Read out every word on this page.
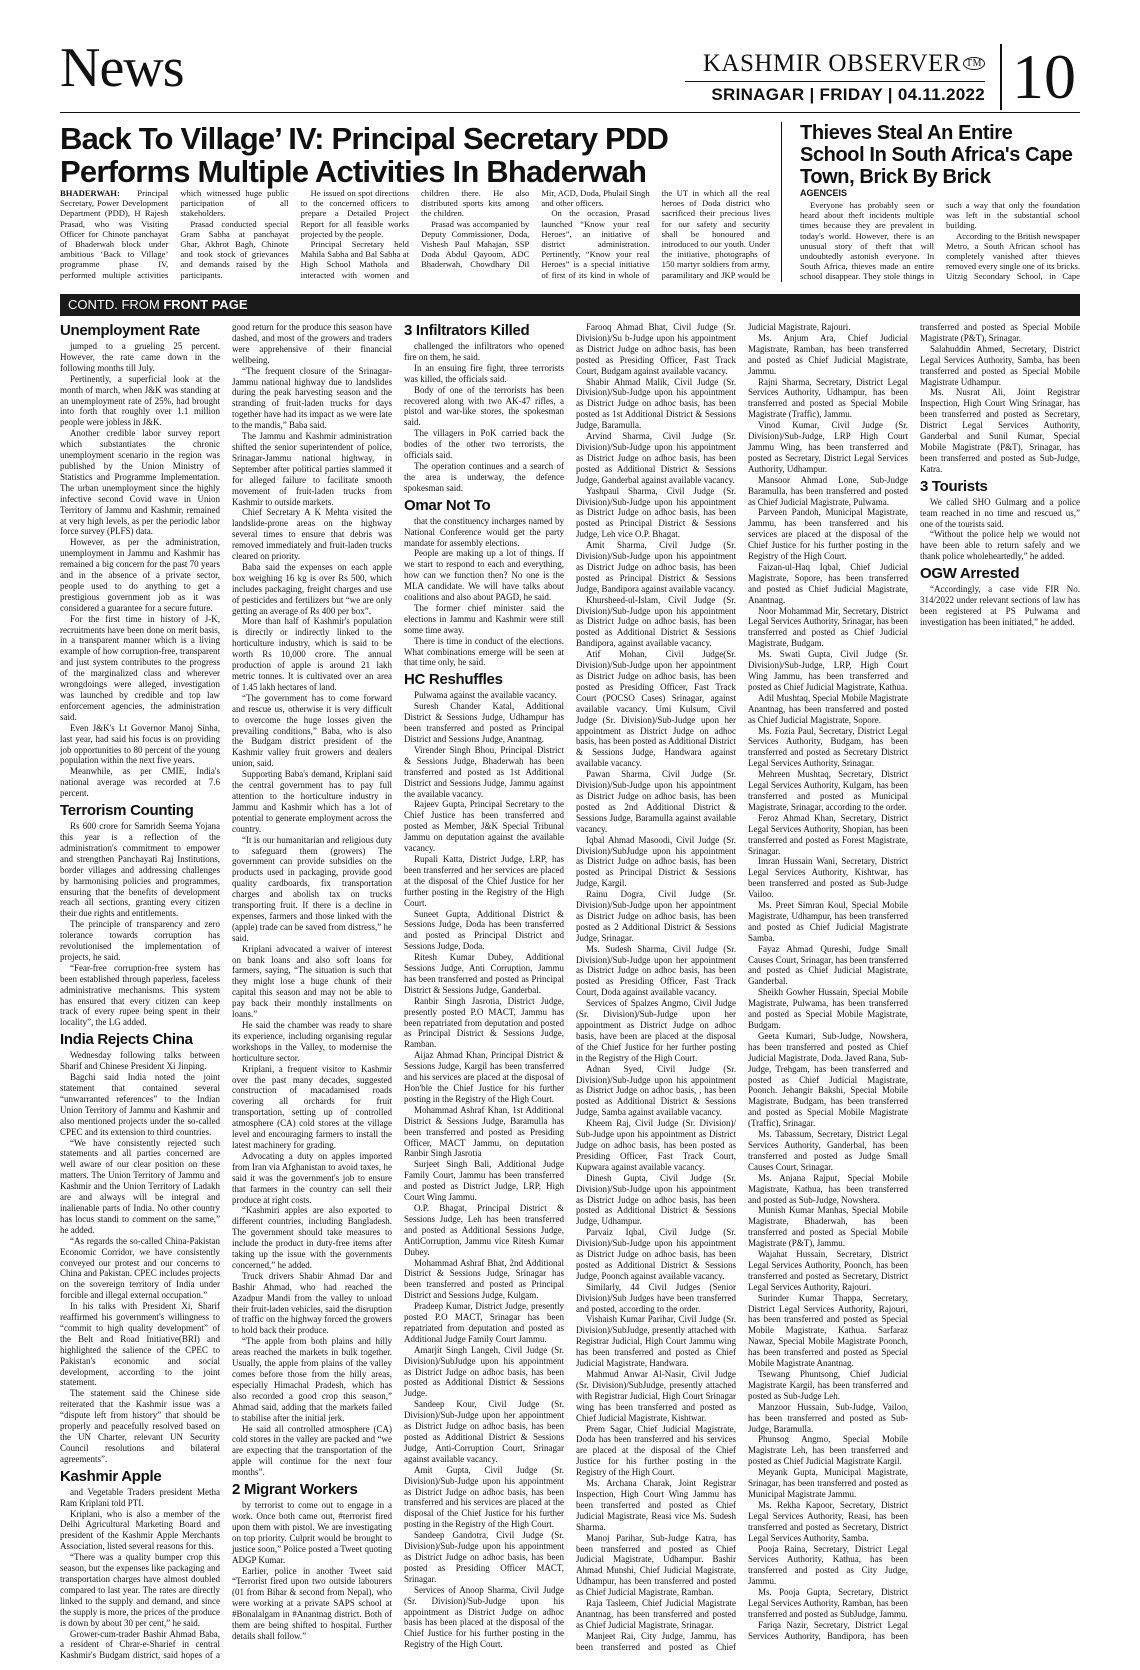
News	KASHMIR OBSERVER ™
SRINAGAR | FRIDAY | 04.11.2022 10
Back To Village’ IV: Principal Secretary PDD Performs Multiple Activities In Bhaderwah
Thieves Steal An Entire School In South Africa's Cape Town, Brick By Brick

BHADERWAH: Principal Secretary, Power Development Department (PDD), H Rajesh Prasad, who was Visiting Officer for Chinote panchayat of Bhaderwah block under ambitious ‘Back to Village’ programme phase IV, performed multiple activities which witnessed huge public participation of all stakeholders.

Prasad conducted special Gram Sabha at panchayat Ghar, Akhrot Bagh, Chinote and took stock of grievances and demands raised by the participants.

He issued on spot directions to the concerned officers to prepare a Detailed Project Report for all feasible works projected by the people.

Principal Secretary held Mahila Sabha and Bal Sabha at High School Mathola and interacted with women and children there. He also distributed sports kits among the children.

Prasad was accompanied by Deputy Commissioner, Doda, Vishesh Paul Mahajan, SSP Doda Abdul Qayoom, ADC Bhaderwah, Chowdhary Dil Mir, ACD, Doda, Phulail Singh and other officers.

On the occasion, Prasad launched “Know your real Heroes”, an initiative of district administration. Pertinently, “Know your real Heroes” is a special initiative of first of its kind in whole of the UT in which all the real heroes of Doda district who sacrificed their precious lives for our safety and security shall be honoured and introduced to our youth. Under the initiative, photographs of 150 martyr soldiers from army, paramilitary and JKP would be

AGENCEIS

Everyone has probably seen or heard about theft incidents multiple times because they are prevalent in today's world. However, there is an unusual story of theft that will undoubtedly astonish everyone. In South Africa, thieves made an entire school disappear. They stole things in such a way that only the foundation was left in the substantial school building.

According to the British newspaper Metro, a South African school has completely vanished after thieves removed every single one of its bricks. Uitzig Secondary School, in Cape

CONTD. FROM FRONT PAGE
Unemployment Rate

jumped to a grueling 25 percent. However, the rate came down in the following months till July.

Pertinently, a superficial look at the month of march, when J&K was standing at an unemployment rate of 25%, had brought into forth that roughly over 1.1 million people were jobless in J&K.

Another credible labor survey report which substantiates the chronic unemployment scenario in the region was published by the Union Ministry of Statistics and Programme Implementation. The urban unemployment since the highly infective second Covid wave in Union Territory of Jammu and Kashmir, remained at very high levels, as per the periodic labor force survey (PLFS) data.

However, as per the administration, unemployment in Jammu and Kashmir has remained a big concern for the past 70 years and in the absence of a private sector, people used to do anything to get a prestigious government job as it was considered a guarantee for a secure future.

For the first time in history of J-K, recruitments have been done on merit basis, in a transparent manner which is a living example of how corruption-free, transparent and just system contributes to the progress of the marginalized class and wherever wrongdoings were alleged, investigation was launched by credible and top law enforcement agencies, the administration said.

Even J&K's Lt Governor Manoj Sinha, last year, had said his focus is on providing job opportunities to 80 percent of the young population within the next five years.

Meanwhile, as per CMIE, India's national average was recorded at 7.6 percent.

Terrorism Counting

Rs 600 crore for Samridh Seema Yojana this year is a reflection of the administration's commitment to empower and strengthen Panchayati Raj Institutions, border villages and addressing challenges by harmonising policies and programmes, ensuring that the benefits of development reach all sections, granting every citizen their due rights and entitlements.

The principle of transparency and zero tolerance towards corruption has revolutionised the implementation of projects, he said.

“Fear-free corruption-free system has been established through paperless, faceless administrative mechanisms. This system has ensured that every citizen can keep track of every rupee being spent in their locality”, the LG added.

India Rejects China

Wednesday following talks between Sharif and Chinese President Xi Jinping.

Bagchi said India noted the joint statement that contained several “unwarranted references” to the Indian Union Territory of Jammu and Kashmir and also mentioned projects under the so-called CPEC and its extension to third countries.

“We have consistently rejected such statements and all parties concerned are well aware of our clear position on these matters. The Union Territory of Jammu and Kashmir and the Union Territory of Ladakh are and always will be integral and inalienable parts of India. No other country has locus standi to comment on the same,” he added.

“As regards the so-called China-Pakistan Economic Corridor, we have consistently conveyed our protest and our concerns to China and Pakistan. CPEC includes projects on the sovereign territory of India under forcible and illegal external occupation.”

In his talks with President Xi, Sharif reaffirmed his government's willingness to “commit to high quality development” of the Belt and Road Initiative(BRI) and highlighted the salience of the CPEC to Pakistan's economic and social development, according to the joint statement.

The statement said the Chinese side reiterated that the Kashmir issue was a “dispute left from history” that should be properly and peacefully resolved based on the UN Charter, relevant UN Security Council resolutions and bilateral agreements”.

Kashmir Apple

and Vegetable Traders president Metha Ram Kriplani told PTI.

Kriplani, who is also a member of the Delhi Agricultural Marketing Board and president of the Kashmir Apple Merchants Association, listed several reasons for this.

“There was a quality bumper crop this season, but the expenses like packaging and transportation charges have almost doubled compared to last year. The rates are directly linked to the supply and demand, and since the supply is more, the prices of the produce is down by about 30 per cent,” he said.

Grower-cum-trader Bashir Ahmad Baba, a resident of Chrar-e-Sharief in central Kashmir's Budgam district, said hopes of a good return for the produce this season have dashed, and most of the growers and traders were apprehensive of their financial wellbeing.

“The frequent closure of the Srinagar-Jammu national highway due to landslides during the peak harvesting season and the stranding of fruit-laden trucks for days together have had its impact as we were late to the mandis,” Baba said.

The Jammu and Kashmir administration shifted the senior superintendent of police, Srinagar-Jammu national highway, in September after political parties slammed it for alleged failure to facilitate smooth movement of fruit-laden trucks from Kashmir to outside markets.

Chief Secretary A K Mehta visited the landslide-prone areas on the highway several times to ensure that debris was removed immediately and fruit-laden trucks cleared on priority.

Baba said the expenses on each apple box weighing 16 kg is over Rs 500, which includes packaging, freight charges and use of pesticides and fertilizers but “we are only getting an average of Rs 400 per box”.

More than half of Kashmir's population is directly or indirectly linked to the horticulture industry, which is said to be worth Rs 10,000 crore. The annual production of apple is around 21 lakh metric tonnes. It is cultivated over an area of 1.45 lakh hectares of land.

“The government has to come forward and rescue us, otherwise it is very difficult to overcome the huge losses given the prevailing conditions,” Baba, who is also the Budgam district president of the Kashmir valley fruit growers and dealers union, said.

Supporting Baba's demand, Kriplani said the central government has to pay full attention to the horticulture industry in Jammu and Kashmir which has a lot of potential to generate employment across the country.

“It is our humanitarian and religious duty to safeguard them (growers) The government can provide subsidies on the products used in packaging, provide good quality cardboards, fix transportation charges and abolish tax on trucks transporting fruit. If there is a decline in expenses, farmers and those linked with the (apple) trade can be saved from distress,” he said.

Kriplani advocated a waiver of interest on bank loans and also soft loans for farmers, saying, “The situation is such that they might lose a huge chunk of their capital this season and may not be able to pay back their monthly installments on loans.”

He said the chamber was ready to share its experience, including organising regular workshops in the Valley, to modernise the horticulture sector.

Kriplani, a frequent visitor to Kashmir over the past many decades, suggested construction of macadamised roads covering all orchards for fruit transportation, setting up of controlled atmosphere (CA) cold stores at the village level and encouraging farmers to install the latest machinery for grading.

Advocating a duty on apples imported from Iran via Afghanistan to avoid taxes, he said it was the government's job to ensure that farmers in the country can sell their produce at right costs.

“Kashmiri apples are also exported to different countries, including Bangladesh. The government should take measures to include the product in duty-free items after taking up the issue with the governments concerned,” he added.

Truck drivers Shabir Ahmad Dar and Bashir Ahmad, who had reached the Azadpur Mandi from the valley to unload their fruit-laden vehicles, said the disruption of traffic on the highway forced the growers to hold back their produce.

“The apple from both plains and hilly areas reached the markets in bulk together. Usually, the apple from plains of the valley comes before those from the hilly areas, especially Himachal Pradesh, which has also recorded a good crop this season,” Ahmad said, adding that the markets failed to stabilise after the initial jerk.

He said all controlled atmosphere (CA) cold stores in the valley are packed and “we are expecting that the transportation of the apple will continue for the next four months”.

2 Migrant Workers

by terrorist to come out to engage in a work. Once both came out, #terrorist fired upon them with pistol. We are investigating on top priority. Culprit would be brought to justice soon,” Police posted a Tweet quoting ADGP Kumar.

Earlier, police in another Tweet said “Terrorist fired upon two outside labourers (01 from Bihar & second from Nepal), who were working at a private SAPS school at #Bonalalgam in #Anantnag district. Both of them are being shifted to hospital. Further details shall follow.”

3 Infiltrators Killed

challenged the infiltrators who opened fire on them, he said.

In an ensuing fire fight, three terrorists was killed, the officials said.

Body of one of the terrorists has been recovered along with two AK-47 rifles, a pistol and war-like stores, the spokesman said.

The villagers in PoK carried back the bodies of the other two terrorists, the officials said.

The operation continues and a search of the area is underway, the defence spokesman said.

Omar Not To

that the constituency incharges named by National Conference would get the party mandate for assembly elections.

People are making up a lot of things. If we start to respond to each and everything, how can we function then? No one is the MLA candidate. We will have talks about coalitions and also about PAGD, he said.

The former chief minister said the elections in Jammu and Kashmir were still some time away.

There is time in conduct of the elections. What combinations emerge will be seen at that time only, he said.

HC Reshuffles

Pulwama against the available vacancy.

Suresh Chander Katal, Additional District & Sessions Judge, Udhampur has been transferred and posted as Principal District and Sessions Judge, Anantnag.

Virender Singh Bhou, Principal District & Sessions Judge, Bhaderwah has been transferred and posted as 1st Additional District and Sessions Judge, Jammu against the available vacancy.

Rajeev Gupta, Principal Secretary to the Chief Justice has been transferred and posted as Member, J&K Special Tribunal Jammu on deputation against the available vacancy.

Rupali Katta, District Judge, LRP, has been transferred and her services are placed at the disposal of the Chief Justice for her further posting in the Registry of the High Court.

Suneet Gupta, Additional District & Sessions Judge, Doda has been transferred and posted as Principal District and Sessions Judge, Doda.

Ritesh Kumar Dubey, Additional Sessions Judge, Anti Corruption, Jammu has been transferred and posted as Principal District & Sessions Judge, Ganderbal.

Ranbir Singh Jasrotia, District Judge, presently posted P.O MACT, Jammu has been repatriated from deputation and posted as Principal District & Sessions Judge, Ramban.

Aijaz Ahmad Khan, Principal District & Sessions Judge, Kargil has been transferred and his services are placed at the disposal of Hon'ble the Chief Justice for his further posting in the Registry of the High Court.

Mohammad Ashraf Khan, 1st Additional District & Sessions Judge, Baramulla has been transferred and posted as Presiding Officer, MACT Jammu, on deputation Ranbir Singh Jasrotia

Surjeet Singh Bali, Additional Judge Family Court, Jammu has been transferred and posted as District Judge, LRP, High Court Wing Jammu.

O.P. Bhagat, Principal District & Sessions Judge, Leh has been transferred and posted as Additional Sessions Judge, AntiCorruption, Jammu vice Ritesh Kumar Dubey.

Mohammad Ashraf Bhat, 2nd Additional District & Sessions Judge, Srinagar has been transferred and posted as Principal District and Sessions Judge, Kulgam.

Pradeep Kumar, District Judge, presently posted P.O MACT, Srinagar has been repatriated from deputation and posted as Additional Judge Family Court Jammu.

Amarjit Singh Langeh, Civil Judge (Sr. Division)/SubJudge upon his appointment as District Judge on adhoc basis, has been posted as Additional District & Sessions Judge.

Sandeep Kour, Civil Judge (Sr. Division)/Sub-Judge upon her appointment as District Judge on adhoc basis, has been posted as Additional District & Sessions Judge, Anti-Corruption Court, Srinagar against available vacancy.

Amit Gupta, Civil Judge (Sr. Division)/Sub-Judge upon his appointment as District Judge on adhoc basis, has been transferred and his services are placed at the disposal of the Chief Justice for his further posting in the Registry of the High Court.

Sandeep Gandotra, Civil Judge (Sr. Division)/Sub-Judge upon his appointment as District Judge on adhoc basis, has been posted as Presiding Officer MACT, Srinagar.

Services of Anoop Sharma, Civil Judge (Sr. Division)/Sub-Judge upon his appointment as District Judge on adhoc basis has been placed at the disposal of the Chief Justice for his further posting in the Registry of the High Court.

Farooq Ahmad Bhat, Civil Judge (Sr. Division)/Su b-Judge upon his appointment as District Judge on adhoc basis, has been posted as Presiding Officer, Fast Track Court, Budgam against available vacancy.

Shabir Ahmad Malik, Civil Judge (Sr. Division)/Sub-Judge upon his appointment as District Judge on adhoc basis, has been posted as 1st Additional District & Sessions Judge, Baramulla.

Arvind Sharma, Civil Judge (Sr. Division)/Sub-Judge upon his appointment as District Judge on adhoc basis, has been posted as Additional District & Sessions Judge, Ganderbal against available vacancy.

Yashpaul Sharma, Civil Judge (Sr. Division)/Sub-Judge upon his appointment as District Judge on adhoc basis, has been posted as Principal District & Sessions Judge, Leh vice O.P. Bhagat.

Amit Sharma, Civil Judge (Sr. Division)/Sub-Judge upon his appointment as District Judge on adhoc basis, has been posted as Principal District & Sessions Judge, Bandipora against available vacancy.

Khursheed-ul-Islam, Civil Judge (Sr. Division)/Sub-Judge upon his appointment as District Judge on adhoc basis, has been posted as Additional District & Sessions Bandipora, against available vacancy.

Atif Mohan, Civil Judge(Sr. Division)/Sub-Judge upon her appointment as District Judge on adhoc basis, has been posted as Presiding Officer, Fast Track Court (POCSO Cases) Srinagar, against available vacancy. Umi Kulsum, Civil Judge (Sr. Division)/Sub-Judge upon her appointment as District Judge on adhoc basis, has been posted as Additional District & Sessions Judge, Handwara against available vacancy.

Pawan Sharma, Civil Judge (Sr. Division)/Sub-Judge upon his appointment as District Judge on adhoc basis, has been posted as 2nd Additional District & Sessions Judge, Baramulla against available vacancy.

Iqbal Ahmad Masoodi, Civil Judge (Sr. Division)/SubJudge upon his appointment as District Judge on adhoc basis, has been posted as Principal District & Sessions Judge, Kargil.

Rainu Dogra, Civil Judge (Sr. Division)/Sub-Judge upon her appointment as District Judge on adhoc basis, has been posted as 2 Additional District & Sessions Judge, Srinagar.

Ms. Sudesh Sharma, Civil Judge (Sr. Division)/Sub-Judge upon her appointment as District Judge on adhoc basis, has been posted as Presiding Officer, Fast Track Court, Doda against available vacancy.

Services of Spalzes Angmo, Civil Judge (Sr. Division)/Sub-Judge upon her appointment as District Judge on adhoc basis, have been are placed at the disposal of the Chief Justice for her further posting in the Registry of the High Court.

Adnan Syed, Civil Judge (Sr. Division)/Sub-Judge upon his appointment as District Judge on adhoc basis, , has been posted as Additional District & Sessions Judge, Samba against available vacancy.

Kheem Raj, Civil Judge (Sr. Division)/ Sub-Judge upon his appointment as District Judge on adhoc basis, has been posted as Presiding Officer, Fast Track Court, Kupwara against available vacancy.

Dinesh Gupta, Civil Judge (Sr. Division)/Sub-Judge upon his appointment as District Judge on adhoc basis, has been posted as Additional District & Sessions Judge, Udhampur.

Parvaiz Iqbal, Civil Judge (Sr. Division)/Sub-Judge upon his appointment as District Judge on adhoc basis, has been posted as Additional District & Sessions Judge, Poonch against available vacancy.

Similarly, 44 Civil Judges (Senior Division)/Sub Judges have been transferred and posted, according to the order.

Vishaish Kumar Parihar, Civil Judge (Sr. Division)/SubJudge, presently attached with Registrar Judicial, High Court Jammu wing has been transferred and posted as Chief Judicial Magistrate, Handwara.

Mahmud Anwar Al-Nasir, Civil Judge (Sr. Division)/SubJudge, presently attached with Registrar Judicial, High Court Srinagar wing has been transferred and posted as Chief Judicial Magistrate, Kishtwar.

Prem Sagar, Chief Judicial Magistrate, Doda has been transferred and his services are placed at the disposal of the Chief Justice for his further posting in the Registry of the High Court.

Ms. Archana Charak, Joint Registrar Inspection, High Court Wing Jammu has been transferred and posted as Chief Judicial Magistrate, Reasi vice Ms. Sudesh Sharma.

Manoj Parihar, Sub-Judge Katra, has been transferred and posted as Chief Judicial Magistrate, Udhampur. Bashir Ahmad Munshi, Chief Judicial Magistrate, Udhampur, has been transferred and posted as Chief Judicial Magistrate, Ramban.

Raja Tasleem, Chief Judicial Magistrate Anantnag, has been transferred and posted as Chief Judicial Magistrate, Srinagar.

Manjeet Rai, City Judge, Jammu, has been transferred and posted as Chief Judicial Magistrate, Rajouri.

Ms. Anjum Ara, Chief Judicial Magistrate, Ramban, has been transferred and posted as Chief Judicial Magistrate, Jammu.

Rajni Sharma, Secretary, District Legal Services Authority, Udhampur, has been transferred and posted as Special Mobile Magistrate (Traffic), Jammu.

Vinod Kumar, Civil Judge (Sr. Division)/Sub-Judge, LRP High Court Jammu Wing, has been transferred and posted as Secretary, District Legal Services Authority, Udhampur.

Mansoor Ahmad Lone, Sub-Judge Baramulla, has been transferred and posted as Chief Judicial Magistrate, Pulwama.

Parveen Pandoh, Municipal Magistrate, Jammu, has been transferred and his services are placed at the disposal of the Chief Justice for his further posting in the Registry of the High Court.

Faizan-ul-Haq Iqbal, Chief Judicial Magistrate, Sopore, has been transferred and posted as Chief Judicial Magistrate, Anantnag.

Noor Mohammad Mir, Secretary, District Legal Services Authority, Srinagar, has been transferred and posted as Chief Judicial Magistrate, Budgam.

Ms. Swati Gupta, Civil Judge (Sr. Division)/Sub-Judge, LRP, High Court Wing Jammu, has been transferred and posted as Chief Judicial Magistrate, Kathua.

Adil Mushtaq, Special Mobile Magistrate Anantnag, has been transferred and posted as Chief Judicial Magistrate, Sopore.

Ms. Fozia Paul, Secretary, District Legal Services Authority, Budgam, has been transferred and posted as Secretary District Legal Services Authority, Srinagar.

Mehreen Mushtaq, Secretary, District Legal Services Authority, Kulgam, has been transferred and posted as Municipal Magistrate, Srinagar, according to the order.

Feroz Ahmad Khan, Secretary, District Legal Services Authority, Shopian, has been transferred and posted as Forest Magistrate, Srinagar.

Imran Hussain Wani, Secretary, District Legal Services Authority, Kishtwar, has been transferred and posted as Sub-Judge Vailoo.

Ms. Preet Simran Koul, Special Mobile Magistrate, Udhampur, has been transferred and posted as Chief Judicial Magistrate Samba.

Fayaz Ahmad Qureshi, Judge Small Causes Court, Srinagar, has been transferred and posted as Chief Judicial Magistrate, Ganderbal.

Sheikh Gowher Hussain, Special Mobile Magistrate, Pulwama, has been transferred and posted as Special Mobile Magistrate, Budgam.

Geeta Kumari, Sub-Judge, Nowshera, has been transferred and posted as Chief Judicial Magistrate, Doda. Javed Rana, Sub-Judge, Trehgam, has been transferred and posted as Chief Judicial Magistrate, Poonch. Jehangir Bakshi, Special Mobile Magistrate, Budgam, has been transferred and posted as Special Mobile Magistrate (Traffic), Srinagar.

Ms. Tabassum, Secretary, District Legal Services Authority, Ganderbal, has been transferred and posted as Judge Small Causes Court, Srinagar.

Ms. Anjana Rajput, Special Mobile Magistrate, Kathua, has been transferred and posted as Sub-Judge, Nowshera.

Munish Kumar Manhas, Special Mobile Magistrate, Bhaderwah, has been transferred and posted as Special Mobile Magistrate (P&T), Jammu.

Wajahat Hussain, Secretary, District Legal Services Authority, Poonch, has been transferred and posted as Secretary, District Legal Services Authority, Rajouri.

Surinder Kumar Thappa, Secretary, District Legal Services Authority, Rajouri, has been transferred and posted as Special Mobile Magistrate, Kathua. Sarfaraz Nawaz, Special Mobile Magistrate Poonch, has been transferred and posted as Special Mobile Magistrate Anantnag.

Tsewang Phuntsong, Chief Judicial Magistrate Kargil, has been transferred and posted as Sub-Judge Leh.

Manzoor Hussain, Sub-Judge, Vailoo, has been transferred and posted as Sub-Judge, Baramulla.

Phunsog Angmo, Special Mobile Magistrate Leh, has been transferred and posted as Chief Judicial Magistrate Kargil.

Meyank Gupta, Municipal Magistrate, Srinagar, has been transferred and posted as Municipal Magistrate Jammu.

Ms. Rekha Kapoor, Secretary, District Legal Services Authority, Reasi, has been transferred and posted as Secretary, District Legal Services Authority, Samba.

Pooja Raina, Secretary, District Legal Services Authority, Kathua, has been transferred and posted as City Judge, Jammu.

Ms. Pooja Gupta, Secretary, District Legal Services Authority, Ramban, has been transferred and posted as SubJudge, Jammu.

Fariqa Nazir, Secretary, District Legal Services Authority, Bandipora, has been transferred and posted as Special Mobile Magistrate (P&T), Srinagar.

Salahuddin Ahmed, Secretary, District Legal Services Authority, Samba, has been transferred and posted as Special Mobile Magistrate Udhampur.

Ms. Nusrat Ali, Joint Registrar Inspection, High Court Wing Srinagar, has been transferred and posted as Secretary, District Legal Services Authority, Ganderbal and Sunil Kumar, Special Mobile Magistrate (P&T), Srinagar, has been transferred and posted as Sub-Judge, Katra.

3 Tourists

We called SHO Gulmarg and a police team reached in no time and rescued us,” one of the tourists said.

“Without the police help we would not have been able to return safely and we thank police wholeheartedly,” he added.

OGW Arrested

“Accordingly, a case vide FIR No. 314/2022 under relevant sections of law has been registered at PS Pulwama and investigation has been initiated,” he added.
